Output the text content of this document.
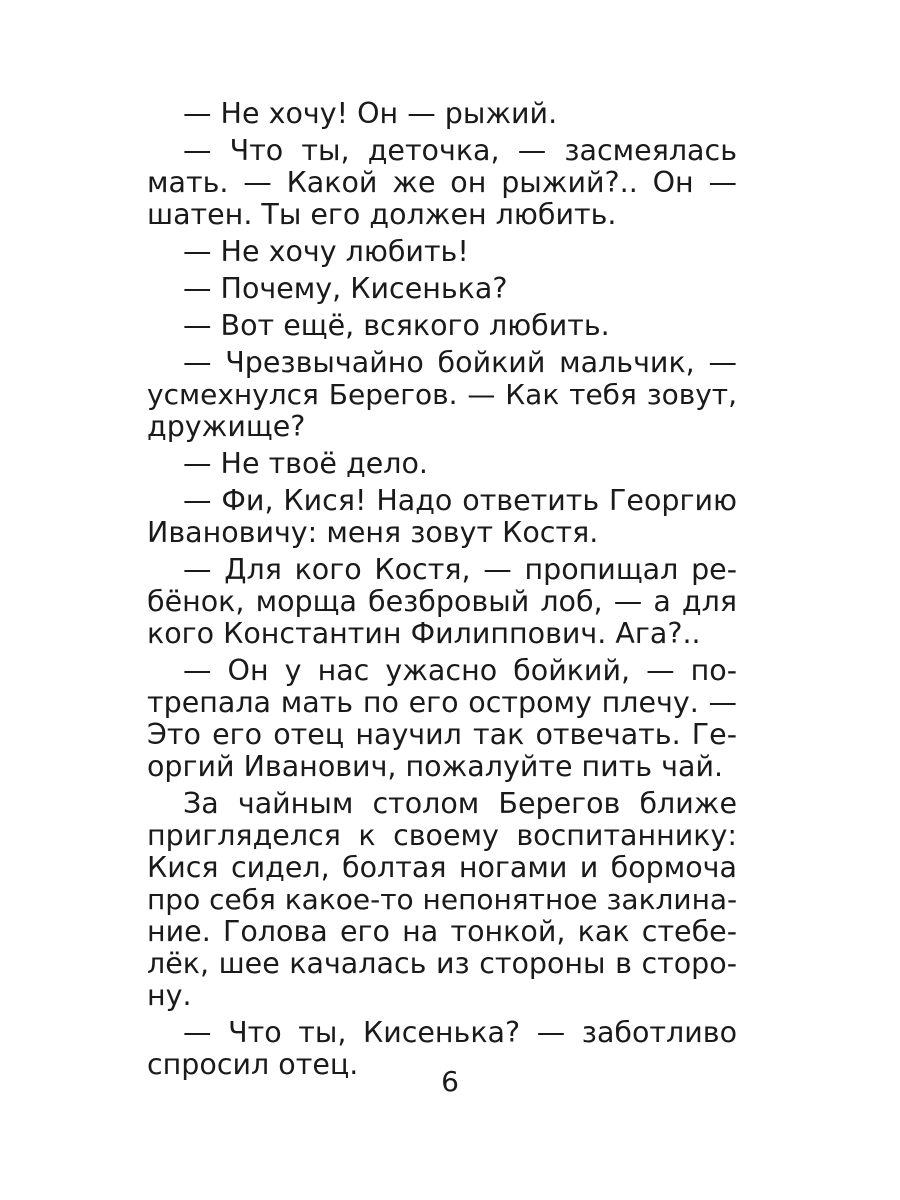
— Не хочу! Он — рыжий.
— Что ты, деточка, — засмеялась
мать. — Какой же он рыжий?.. Он —
шатен. Ты его должен любить.
— Не хочу любить!
— Почему, Кисенька?
— Вот ещё, всякого любить.
— Чрезвычайно бойкий мальчик, —
усмехнулся Берегов. — Как тебя зовут,
дружище?
— Не твоё дело.
— Фи, Кися! Надо ответить Георгию
Ивановичу: меня зовут Костя.
— Для кого Костя, — пропищал ре-
бёнок, морща безбровый лоб, — а для
кого Константин Филиппович. Ага?..
— Он у нас ужасно бойкий, — по-
трепала мать по его острому плечу. —
Это его отец научил так отвечать. Ге-
оргий Иванович, пожалуйте пить чай.
За чайным столом Берегов ближе
пригляделся к своему воспитаннику:
Кися сидел, болтая ногами и бормоча
про себя какое-то непонятное заклина-
ние. Голова его на тонкой, как стебе-
лёк, шее качалась из стороны в сторо-
ну.
— Что ты, Кисенька? — заботливо
спросил отец.
6
